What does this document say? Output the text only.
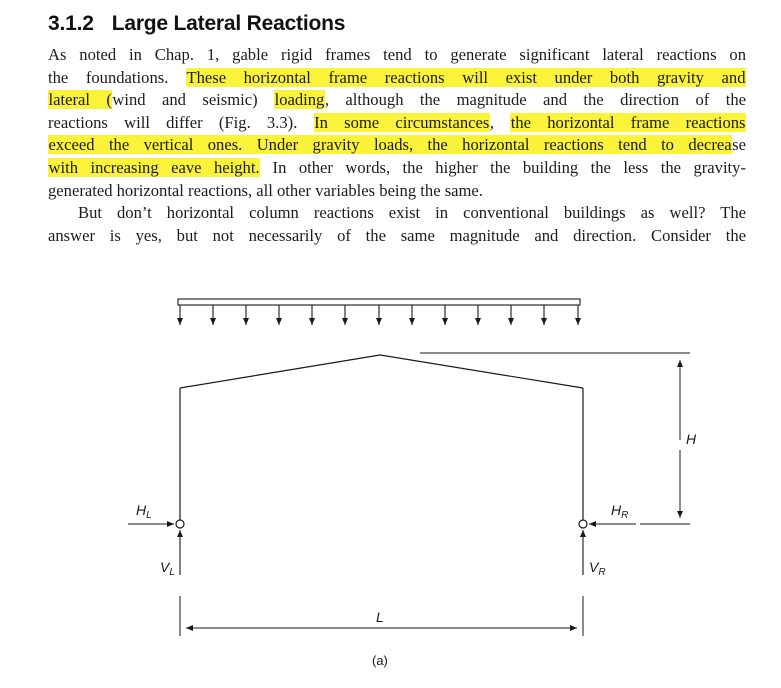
3.1.2 Large Lateral Reactions
As noted in Chap. 1, gable rigid frames tend to generate significant lateral reactions on
the foundations. These horizontal frame reactions will exist under both gravity and
lateral (wind and seismic) loading, although the magnitude and the direction of the
reactions will differ (Fig. 3.3). In some circumstances, the horizontal frame reactions
exceed the vertical ones. Under gravity loads, the horizontal reactions tend to decrease
with increasing eave height. In other words, the higher the building the less the gravity-
generated horizontal reactions, all other variables being the same.
But don’t horizontal column reactions exist in conventional buildings as well? The
answer is yes, but not necessarily of the same magnitude and direction. Consider the
$H_L$	$H_R$
$V_L$	$V_R$
H
L
(a)
